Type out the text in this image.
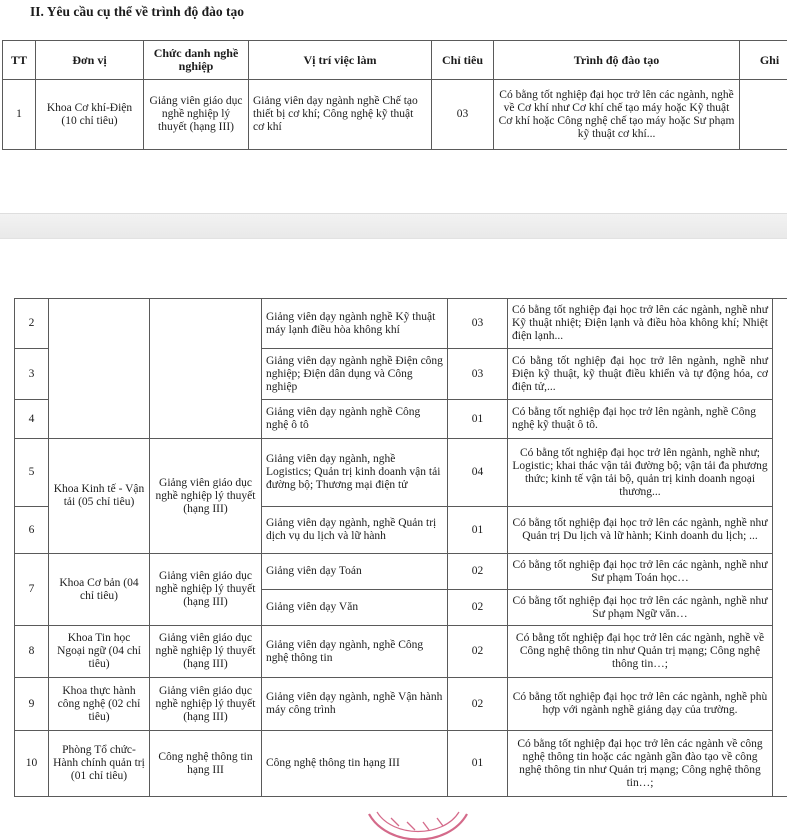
II. Yêu cầu cụ thể về trình độ đào tạo
TT	Đơn vị	Chức danh nghề nghiệp	Vị trí việc làm	Chỉ tiêu	Trình độ đào tạo	Ghi
1	Khoa Cơ khí-Điện (10 chỉ tiêu)	Giảng viên giáo dục nghề nghiệp lý thuyết (hạng III)	Giảng viên dạy ngành nghề Chế tạo thiết bị cơ khí; Công nghệ kỹ thuật cơ khí	03	Có bằng tốt nghiệp đại học trở lên các ngành, nghề về Cơ khí như Cơ khí chế tạo máy hoặc Kỹ thuật Cơ khí hoặc Công nghệ chế tạo máy hoặc Sư phạm kỹ thuật cơ khí...	
2			Giảng viên dạy ngành nghề Kỹ thuật máy lạnh điều hòa không khí	03	Có bằng tốt nghiệp đại học trở lên các ngành, nghề như Kỹ thuật nhiệt; Điện lạnh và điều hòa không khí; Nhiệt điện lạnh...	
3			Giảng viên dạy ngành nghề Điện công nghiệp; Điện dân dụng và Công nghiệp	03	Có bằng tốt nghiệp đại học trở lên ngành, nghề như Điện kỹ thuật, kỹ thuật điều khiển và tự động hóa, cơ điện tử,...	
4			Giảng viên dạy ngành nghề Công nghệ ô tô	01	Có bằng tốt nghiệp đại học trở lên ngành, nghề Công nghệ kỹ thuật ô tô.	
5	Khoa Kinh tế - Vận tải (05 chỉ tiêu)	Giảng viên giáo dục nghề nghiệp lý thuyết (hạng III)	Giảng viên dạy ngành, nghề Logistics; Quản trị kinh doanh vận tải đường bộ; Thương mại điện tử	04	Có bằng tốt nghiệp đại học trở lên ngành, nghề như; Logistic; khai thác vận tải đường bộ; vận tải đa phương thức; kinh tế vận tải bộ, quản trị kinh doanh ngoại thương...	
6			Giảng viên dạy ngành, nghề Quản trị dịch vụ du lịch và lữ hành	01	Có bằng tốt nghiệp đại học trở lên các ngành, nghề như Quản trị Du lịch và lữ hành; Kinh doanh du lịch; ...	
7	Khoa Cơ bản (04 chỉ tiêu)	Giảng viên giáo dục nghề nghiệp lý thuyết (hạng III)	Giảng viên dạy Toán	02	Có bằng tốt nghiệp đại học trở lên các ngành, nghề như Sư phạm Toán học…	
			Giảng viên dạy Văn	02	Có bằng tốt nghiệp đại học trở lên các ngành, nghề như Sư phạm Ngữ văn…	
8	Khoa Tin học Ngoại ngữ (04 chỉ tiêu)	Giảng viên giáo dục nghề nghiệp lý thuyết (hạng III)	Giảng viên dạy ngành, nghề Công nghệ thông tin	02	Có bằng tốt nghiệp đại học trở lên các ngành, nghề về Công nghệ thông tin như Quản trị mạng; Công nghệ thông tin…;	
9	Khoa thực hành công nghệ (02 chỉ tiêu)	Giảng viên giáo dục nghề nghiệp lý thuyết (hạng III)	Giảng viên dạy ngành, nghề Vận hành máy công trình	02	Có bằng tốt nghiệp đại học trở lên các ngành, nghề phù hợp với ngành nghề giảng dạy của trường.	
10	Phòng Tổ chức-Hành chính quản trị (01 chỉ tiêu)	Công nghệ thông tin hạng III	Công nghệ thông tin hạng III	01	Có bằng tốt nghiệp đại học trở lên các ngành về công nghệ thông tin hoặc các ngành gần đào tạo về công nghệ thông tin như Quản trị mạng; Công nghệ thông tin…;	
